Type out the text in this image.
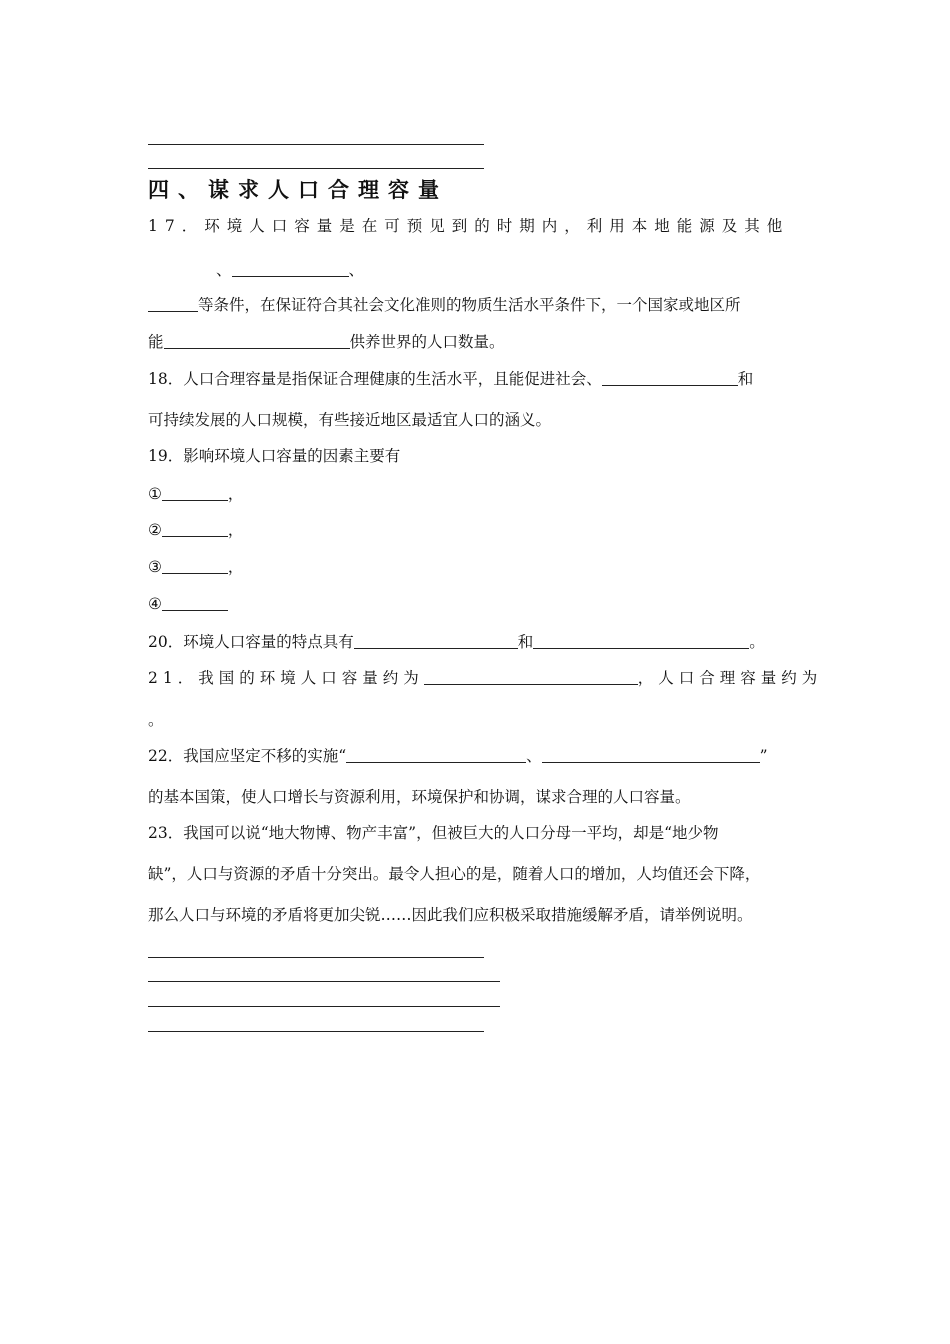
四、谋求人口合理容量
17．环境人口容量是在可预见到的时期内，利用本地能源及其他
、	、
等条件，在保证符合其社会文化准则的物质生活水平条件下，一个国家或地区所
能	供养世界的人口数量。
18．人口合理容量是指保证合理健康的生活水平，且能促进社会、	和
可持续发展的人口规模，有些接近地区最适宜人口的涵义。
19．影响环境人口容量的因素主要有
①	，
②	，
③	，
④
20．环境人口容量的特点具有	和	。
21．我国的环境人口容量约为	，人口合理容量约为
。
22．我国应坚定不移的实施“	、	”
的基本国策，使人口增长与资源利用，环境保护和协调，谋求合理的人口容量。
23．我国可以说“地大物博、物产丰富”，但被巨大的人口分母一平均，却是“地少物
缺”，人口与资源的矛盾十分突出。最令人担心的是，随着人口的增加，人均值还会下降，
那么人口与环境的矛盾将更加尖锐……因此我们应积极采取措施缓解矛盾，请举例说明。
